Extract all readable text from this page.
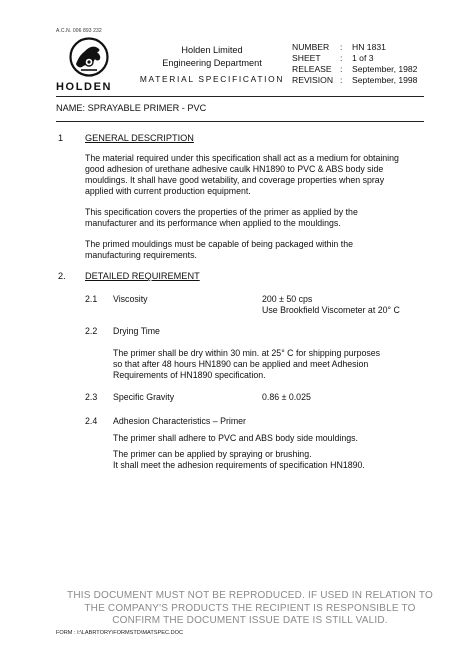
A.C.N. 006 893 232
HOLDEN
Holden Limited
Engineering Department
MATERIAL SPECIFICATION
NUMBER	:	HN 1831
SHEET	:	1 of 3
RELEASE	:	September, 1982
REVISION	:	September, 1998
NAME: SPRAYABLE PRIMER - PVC
1 GENERAL DESCRIPTION
The material required under this specification shall act as a medium for obtaining
good adhesion of urethane adhesive caulk HN1890 to PVC & ABS body side
mouldings. It shall have good wetability, and coverage properties when spray
applied with current production equipment.
This specification covers the properties of the primer as applied by the
manufacturer and its performance when applied to the mouldings.
The primed mouldings must be capable of being packaged within the
manufacturing requirements.
2. DETAILED REQUIREMENT
2.1 Viscosity	200 ± 50 cps
Use Brookfield Viscometer at 20° C
2.2 Drying Time
The primer shall be dry within 30 min. at 25° C for shipping purposes
so that after 48 hours HN1890 can be applied and meet Adhesion
Requirements of HN1890 specification.
2.3 Specific Gravity	0.86 ± 0.025
2.4 Adhesion Characteristics – Primer
The primer shall adhere to PVC and ABS body side mouldings.
The primer can be applied by spraying or brushing.
It shall meet the adhesion requirements of specification HN1890.
THIS DOCUMENT MUST NOT BE REPRODUCED. IF USED IN RELATION TO
THE COMPANY'S PRODUCTS THE RECIPIENT IS RESPONSIBLE TO
CONFIRM THE DOCUMENT ISSUE DATE IS STILL VALID.
FORM : I:\LABRTORY\FORMSTD\MATSPEC.DOC
